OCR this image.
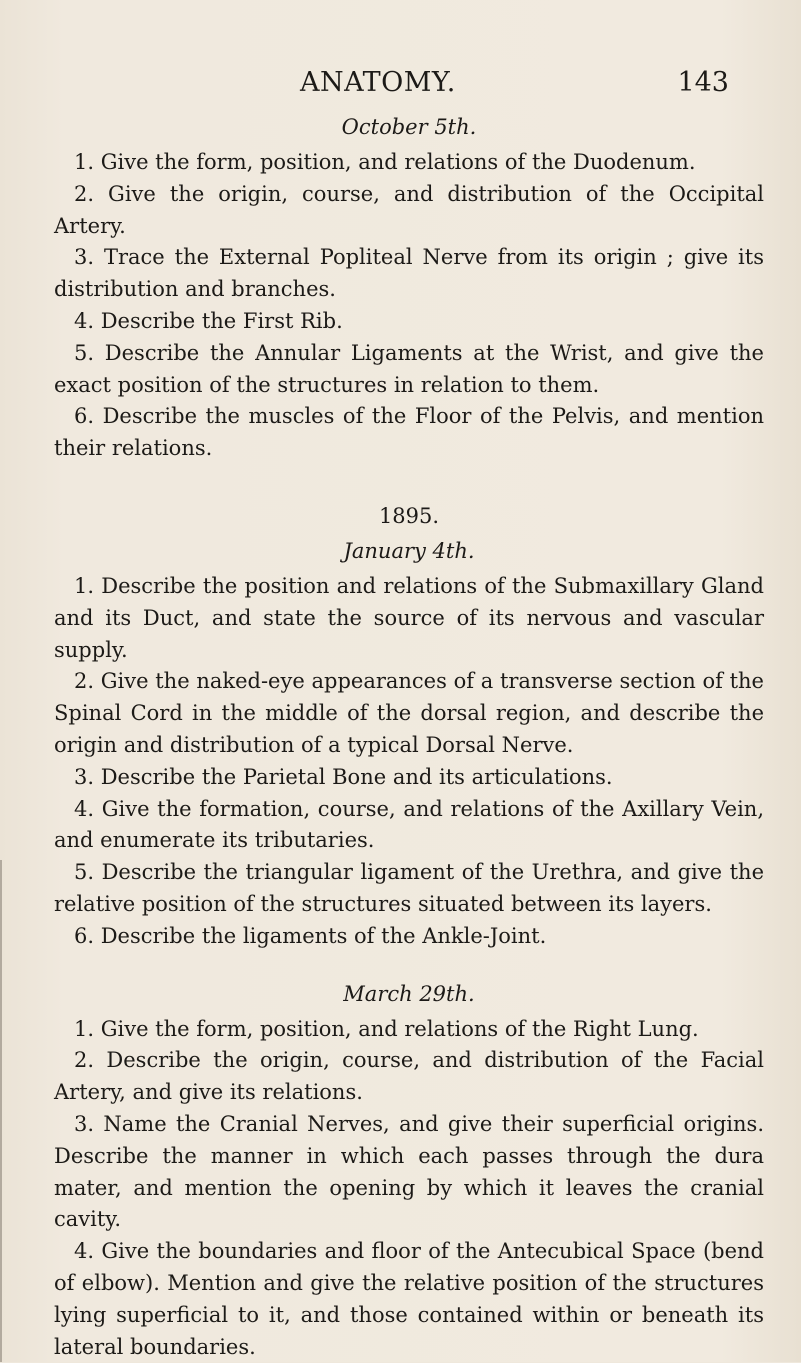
ANATOMY.	143

October 5th.

1. Give the form, position, and relations of the Duodenum.

2. Give the origin, course, and distribution of the Occipital Artery.

3. Trace the External Popliteal Nerve from its origin ; give its distribution and branches.

4. Describe the First Rib.

5. Describe the Annular Ligaments at the Wrist, and give the exact position of the structures in relation to them.

6. Describe the muscles of the Floor of the Pelvis, and mention their relations.

1895.

January 4th.

1. Describe the position and relations of the Submaxillary Gland and its Duct, and state the source of its nervous and vascular supply.

2. Give the naked-eye appearances of a transverse section of the Spinal Cord in the middle of the dorsal region, and describe the origin and distribution of a typical Dorsal Nerve.

3. Describe the Parietal Bone and its articulations.

4. Give the formation, course, and relations of the Axillary Vein, and enumerate its tributaries.

5. Describe the triangular ligament of the Urethra, and give the relative position of the structures situated between its layers.

6. Describe the ligaments of the Ankle-Joint.

March 29th.

1. Give the form, position, and relations of the Right Lung.

2. Describe the origin, course, and distribution of the Facial Artery, and give its relations.

3. Name the Cranial Nerves, and give their superficial origins. Describe the manner in which each passes through the dura mater, and mention the opening by which it leaves the cranial cavity.

4. Give the boundaries and floor of the Antecubical Space (bend of elbow). Mention and give the relative position of the structures lying superficial to it, and those contained within or beneath its lateral boundaries.
